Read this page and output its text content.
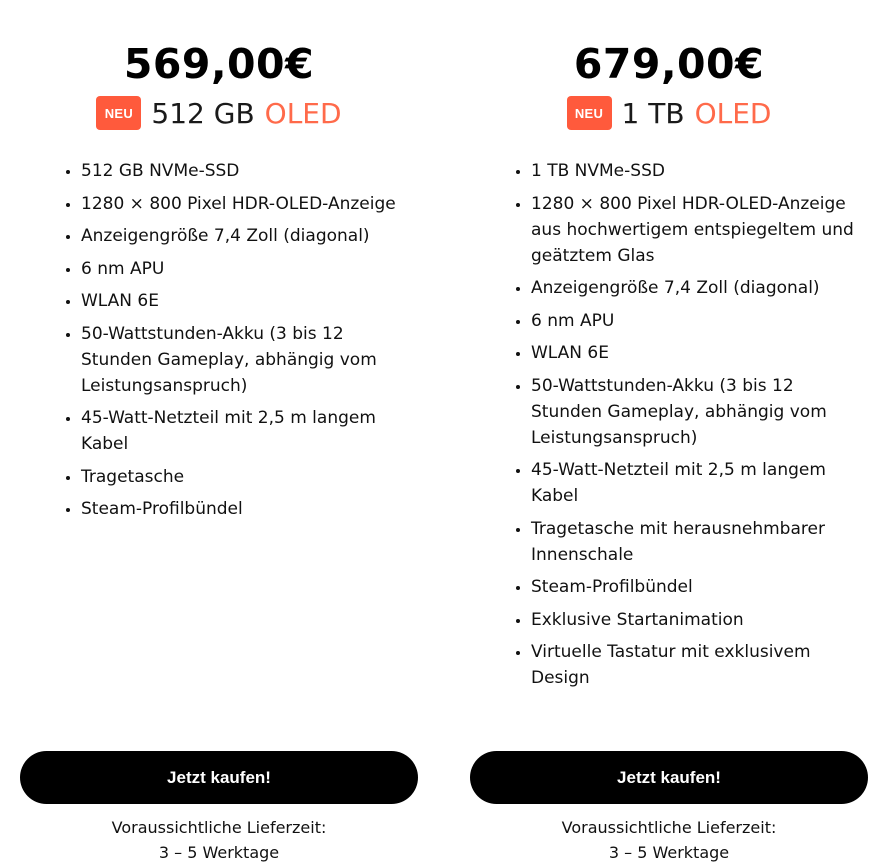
569,00€
NEU 512 GB OLED
• 512 GB NVMe-SSD
• 1280 × 800 Pixel HDR-OLED-Anzeige
• Anzeigengröße 7,4 Zoll (diagonal)
• 6 nm APU
• WLAN 6E
• 50-Wattstunden-Akku (3 bis 12 Stunden Gameplay, abhängig vom Leistungsanspruch)
• 45-Watt-Netzteil mit 2,5 m langem Kabel
• Tragetasche
• Steam-Profilbündel
Jetzt kaufen!
Voraussichtliche Lieferzeit:
3 – 5 Werktage
679,00€
NEU 1 TB OLED
• 1 TB NVMe-SSD
• 1280 × 800 Pixel HDR-OLED-Anzeige aus hochwertigem entspiegeltem und geätztem Glas
• Anzeigengröße 7,4 Zoll (diagonal)
• 6 nm APU
• WLAN 6E
• 50-Wattstunden-Akku (3 bis 12 Stunden Gameplay, abhängig vom Leistungsanspruch)
• 45-Watt-Netzteil mit 2,5 m langem Kabel
• Tragetasche mit herausnehmbarer Innenschale
• Steam-Profilbündel
• Exklusive Startanimation
• Virtuelle Tastatur mit exklusivem Design
Jetzt kaufen!
Voraussichtliche Lieferzeit:
3 – 5 Werktage
